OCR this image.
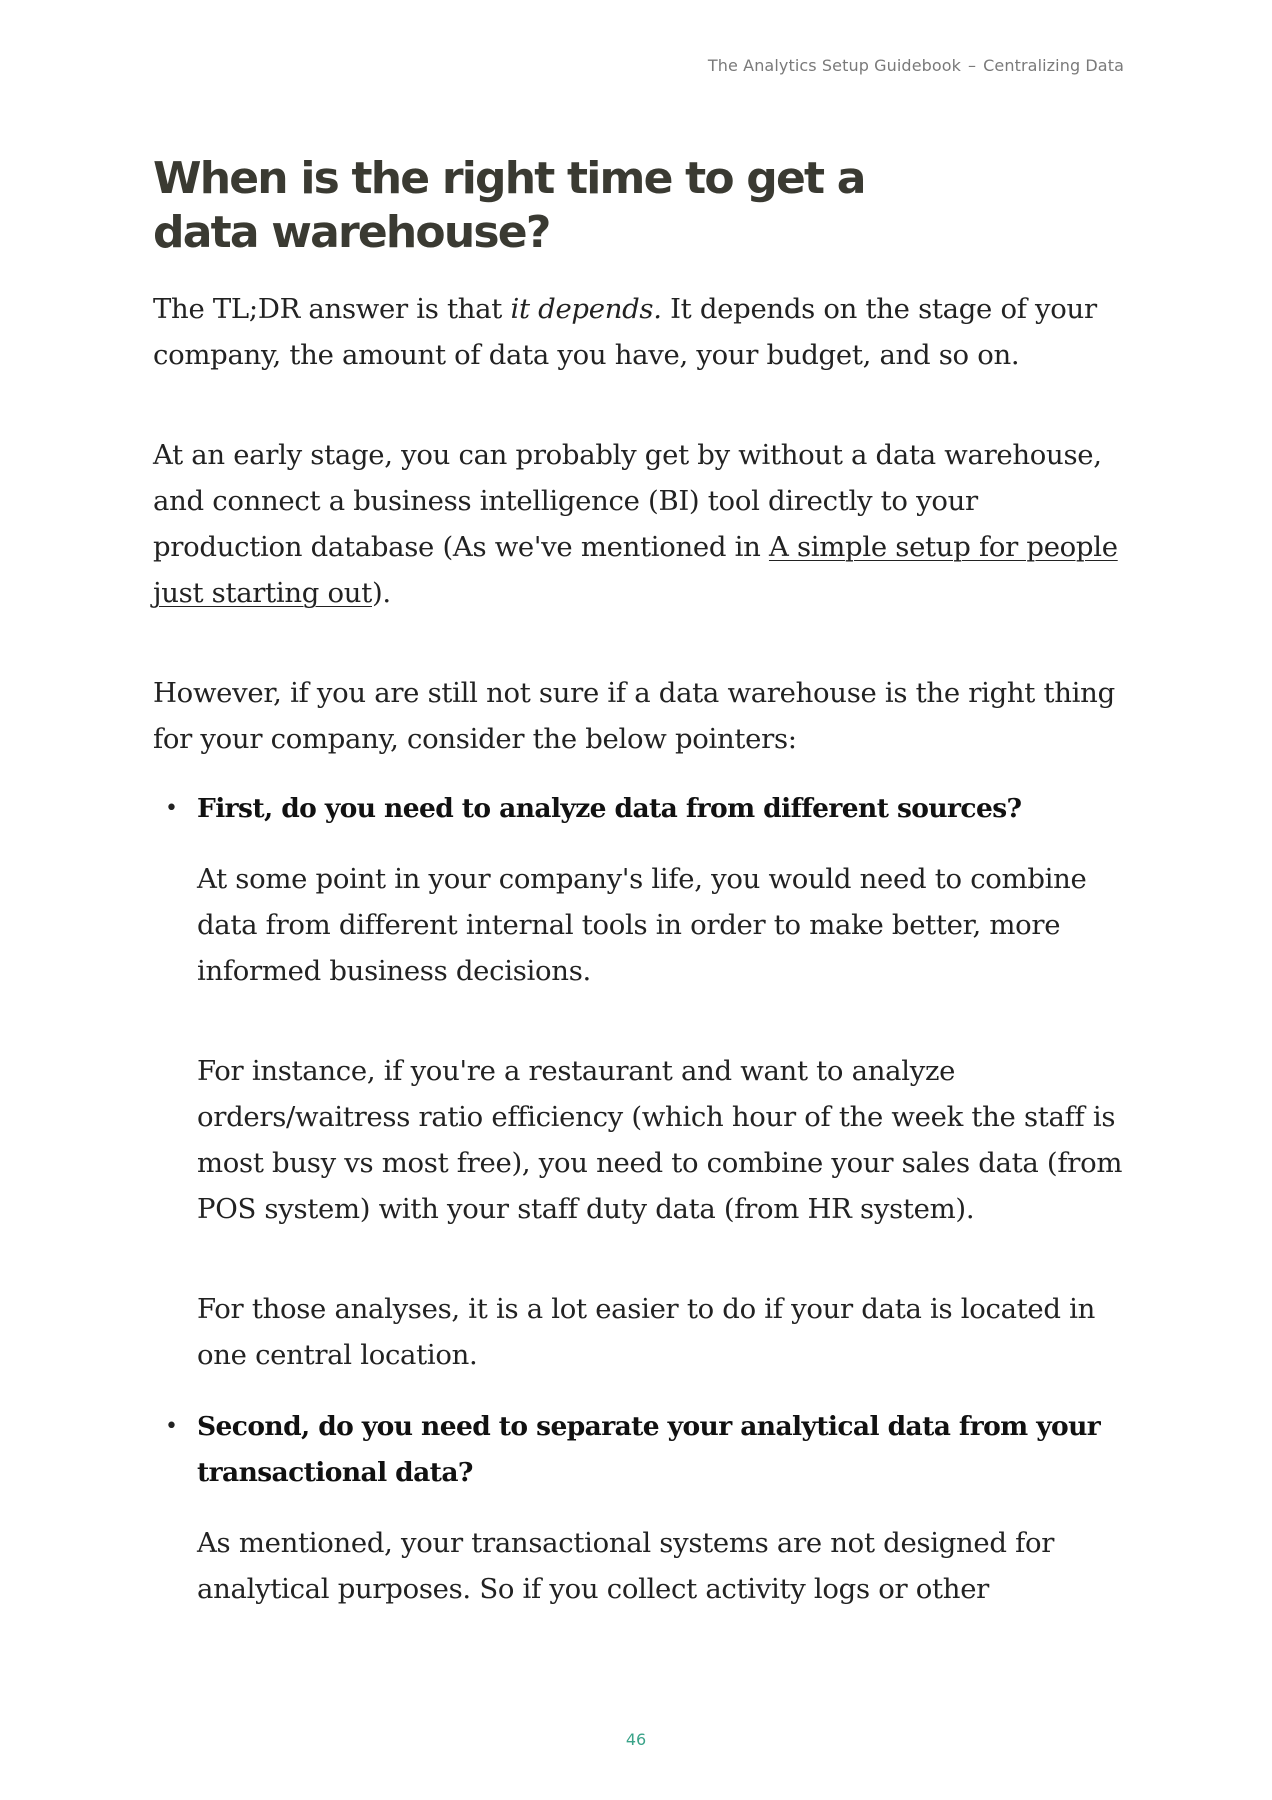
The Analytics Setup Guidebook – Centralizing Data
When is the right time to get a data warehouse?

The TL;DR answer is that it depends. It depends on the stage of your company, the amount of data you have, your budget, and so on.

At an early stage, you can probably get by without a data warehouse, and connect a business intelligence (BI) tool directly to your production database (As we've mentioned in A simple setup for people just starting out).

However, if you are still not sure if a data warehouse is the right thing for your company, consider the below pointers:

• First, do you need to analyze data from different sources?

At some point in your company's life, you would need to combine data from different internal tools in order to make better, more informed business decisions.

For instance, if you're a restaurant and want to analyze orders/waitress ratio efficiency (which hour of the week the staff is most busy vs most free), you need to combine your sales data (from POS system) with your staff duty data (from HR system).

For those analyses, it is a lot easier to do if your data is located in one central location.

• Second, do you need to separate your analytical data from your transactional data?

As mentioned, your transactional systems are not designed for analytical purposes. So if you collect activity logs or other

46
